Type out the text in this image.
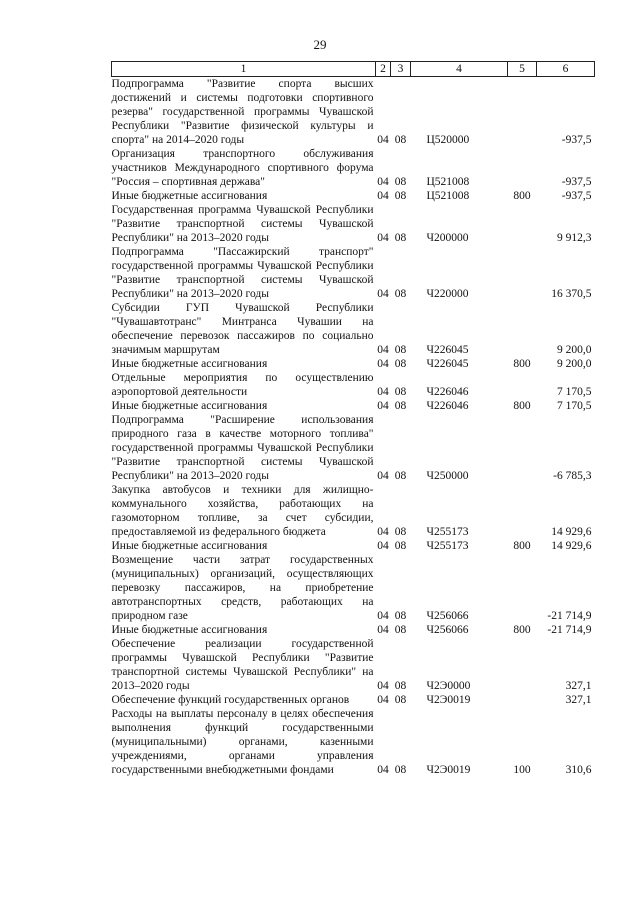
29
1	2	3	4	5	6
Подпрограмма "Развитие спорта высших достижений и системы подготовки спортивного резерва" государственной программы Чувашской Республики "Развитие физической культуры и спорта" на 2014–2020 годы	04	08	Ц520000		-937,5
Организация транспортного обслуживания участников Международного спортивного форума "Россия – спортивная держава"	04	08	Ц521008		-937,5
Иные бюджетные ассигнования	04	08	Ц521008	800	-937,5
Государственная программа Чувашской Республики "Развитие транспортной системы Чувашской Республики" на 2013–2020 годы	04	08	Ч200000		9 912,3
Подпрограмма "Пассажирский транспорт" государственной программы Чувашской Республики "Развитие транспортной системы Чувашской Республики" на 2013–2020 годы	04	08	Ч220000		16 370,5
Субсидии ГУП Чувашской Республики "Чувашавтотранс" Минтранса Чувашии на обеспечение перевозок пассажиров по социально значимым маршрутам	04	08	Ч226045		9 200,0
Иные бюджетные ассигнования	04	08	Ч226045	800	9 200,0
Отдельные мероприятия по осуществлению аэропортовой деятельности	04	08	Ч226046		7 170,5
Иные бюджетные ассигнования	04	08	Ч226046	800	7 170,5
Подпрограмма "Расширение использования природного газа в качестве моторного топлива" государственной программы Чувашской Республики "Развитие транспортной системы Чувашской Республики" на 2013–2020 годы	04	08	Ч250000		-6 785,3
Закупка автобусов и техники для жилищно-коммунального хозяйства, работающих на газомоторном топливе, за счет субсидии, предоставляемой из федерального бюджета	04	08	Ч255173		14 929,6
Иные бюджетные ассигнования	04	08	Ч255173	800	14 929,6
Возмещение части затрат государственных (муниципальных) организаций, осуществляющих перевозку пассажиров, на приобретение автотранспортных средств, работающих на природном газе	04	08	Ч256066		-21 714,9
Иные бюджетные ассигнования	04	08	Ч256066	800	-21 714,9
Обеспечение реализации государственной программы Чувашской Республики "Развитие транспортной системы Чувашской Республики" на 2013–2020 годы	04	08	Ч2Э0000		327,1
Обеспечение функций государственных органов	04	08	Ч2Э0019		327,1
Расходы на выплаты персоналу в целях обеспечения выполнения функций государственными (муниципальными) органами, казенными учреждениями, органами управления государственными внебюджетными фондами	04	08	Ч2Э0019	100	310,6
